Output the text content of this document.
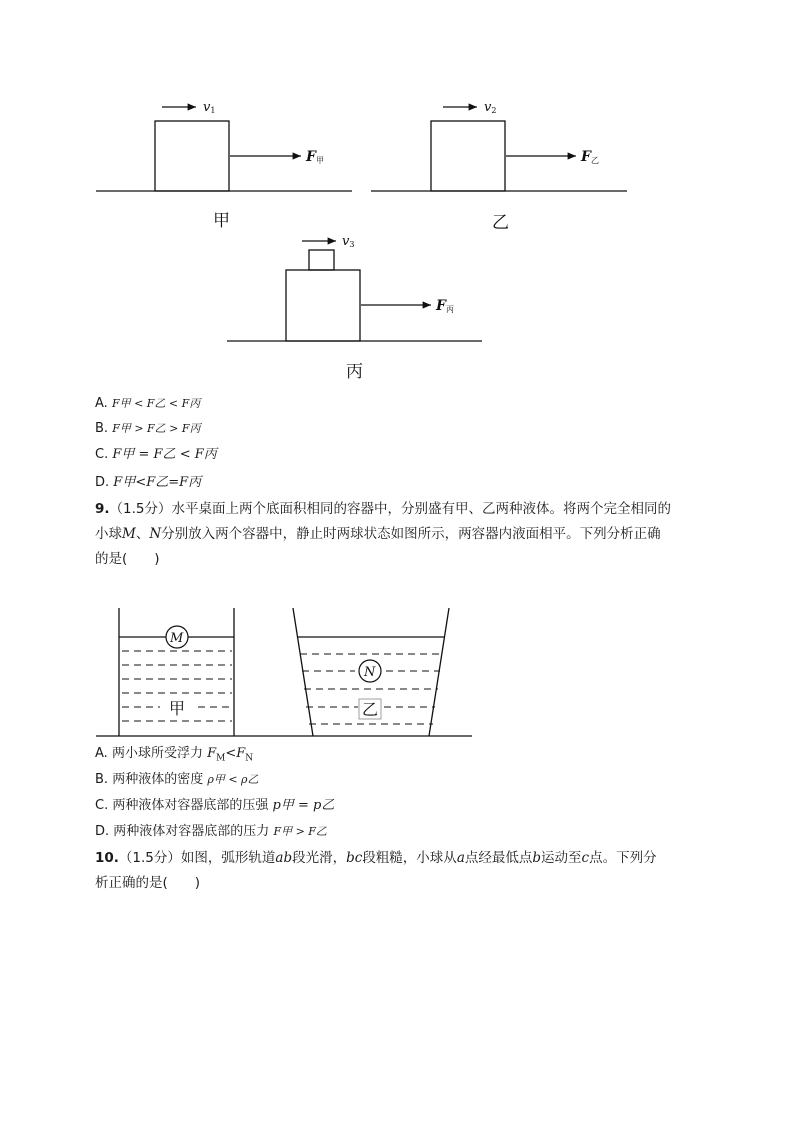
v1
F甲
甲
v2
F乙
乙
v3
F丙
丙
A. F甲 < F乙 < F丙
B. F甲 > F乙 > F丙
C. F甲 = F乙 < F丙
D. F甲<F乙=F丙
9.（1.5分）水平桌面上两个底面积相同的容器中，分别盛有甲、乙两种液体。将两个完全相同的
小球M、N分别放入两个容器中，静止时两球状态如图所示，两容器内液面相平。下列分析正确
的是(　　)
M
甲
N
乙
A. 两小球所受浮力 $F_M<F_N$
B. 两种液体的密度 ρ甲 < ρ乙
C. 两种液体对容器底部的压强 p甲 = p乙
D. 两种液体对容器底部的压力 F甲 > F乙
10.（1.5分）如图，弧形轨道ab段光滑，bc段粗糙，小球从a点经最低点b运动至c点。下列分
析正确的是(　　)
